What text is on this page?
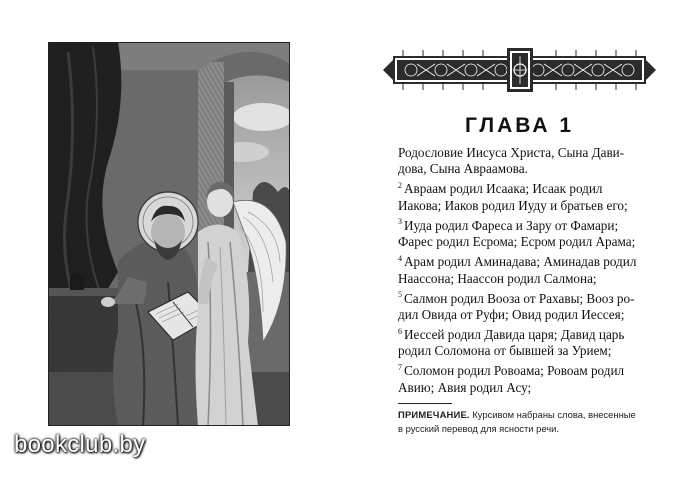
ГЛАВА 1
Родословие Иисуса Христа, Сына Дави-
дова, Сына Авраамова.
$^2$ Авраам родил Исаака; Исаак родил
Иакова; Иаков родил Иуду и братьев его;
$^3$ Иуда родил Фареса и Зару от Фамари;
Фарес родил Есрома; Есром родил Арама;
$^4$ Арам родил Аминадава; Аминадав родил
Наассона; Наассон родил Салмона;
$^5$ Салмон родил Вооза от Рахавы; Вооз ро-
дил Овида от Руфи; Овид родил Иессея;
$^6$ Иессей родил Давида царя; Давид царь
родил Соломона от бывшей за Урием;
$^7$ Соломон родил Ровоама; Ровоам родил
Авию; Авия родил Асу;
ПРИМЕЧАНИЕ. Курсивом набраны слова, внесенные
в русский перевод для ясности речи.
bookclub.by
